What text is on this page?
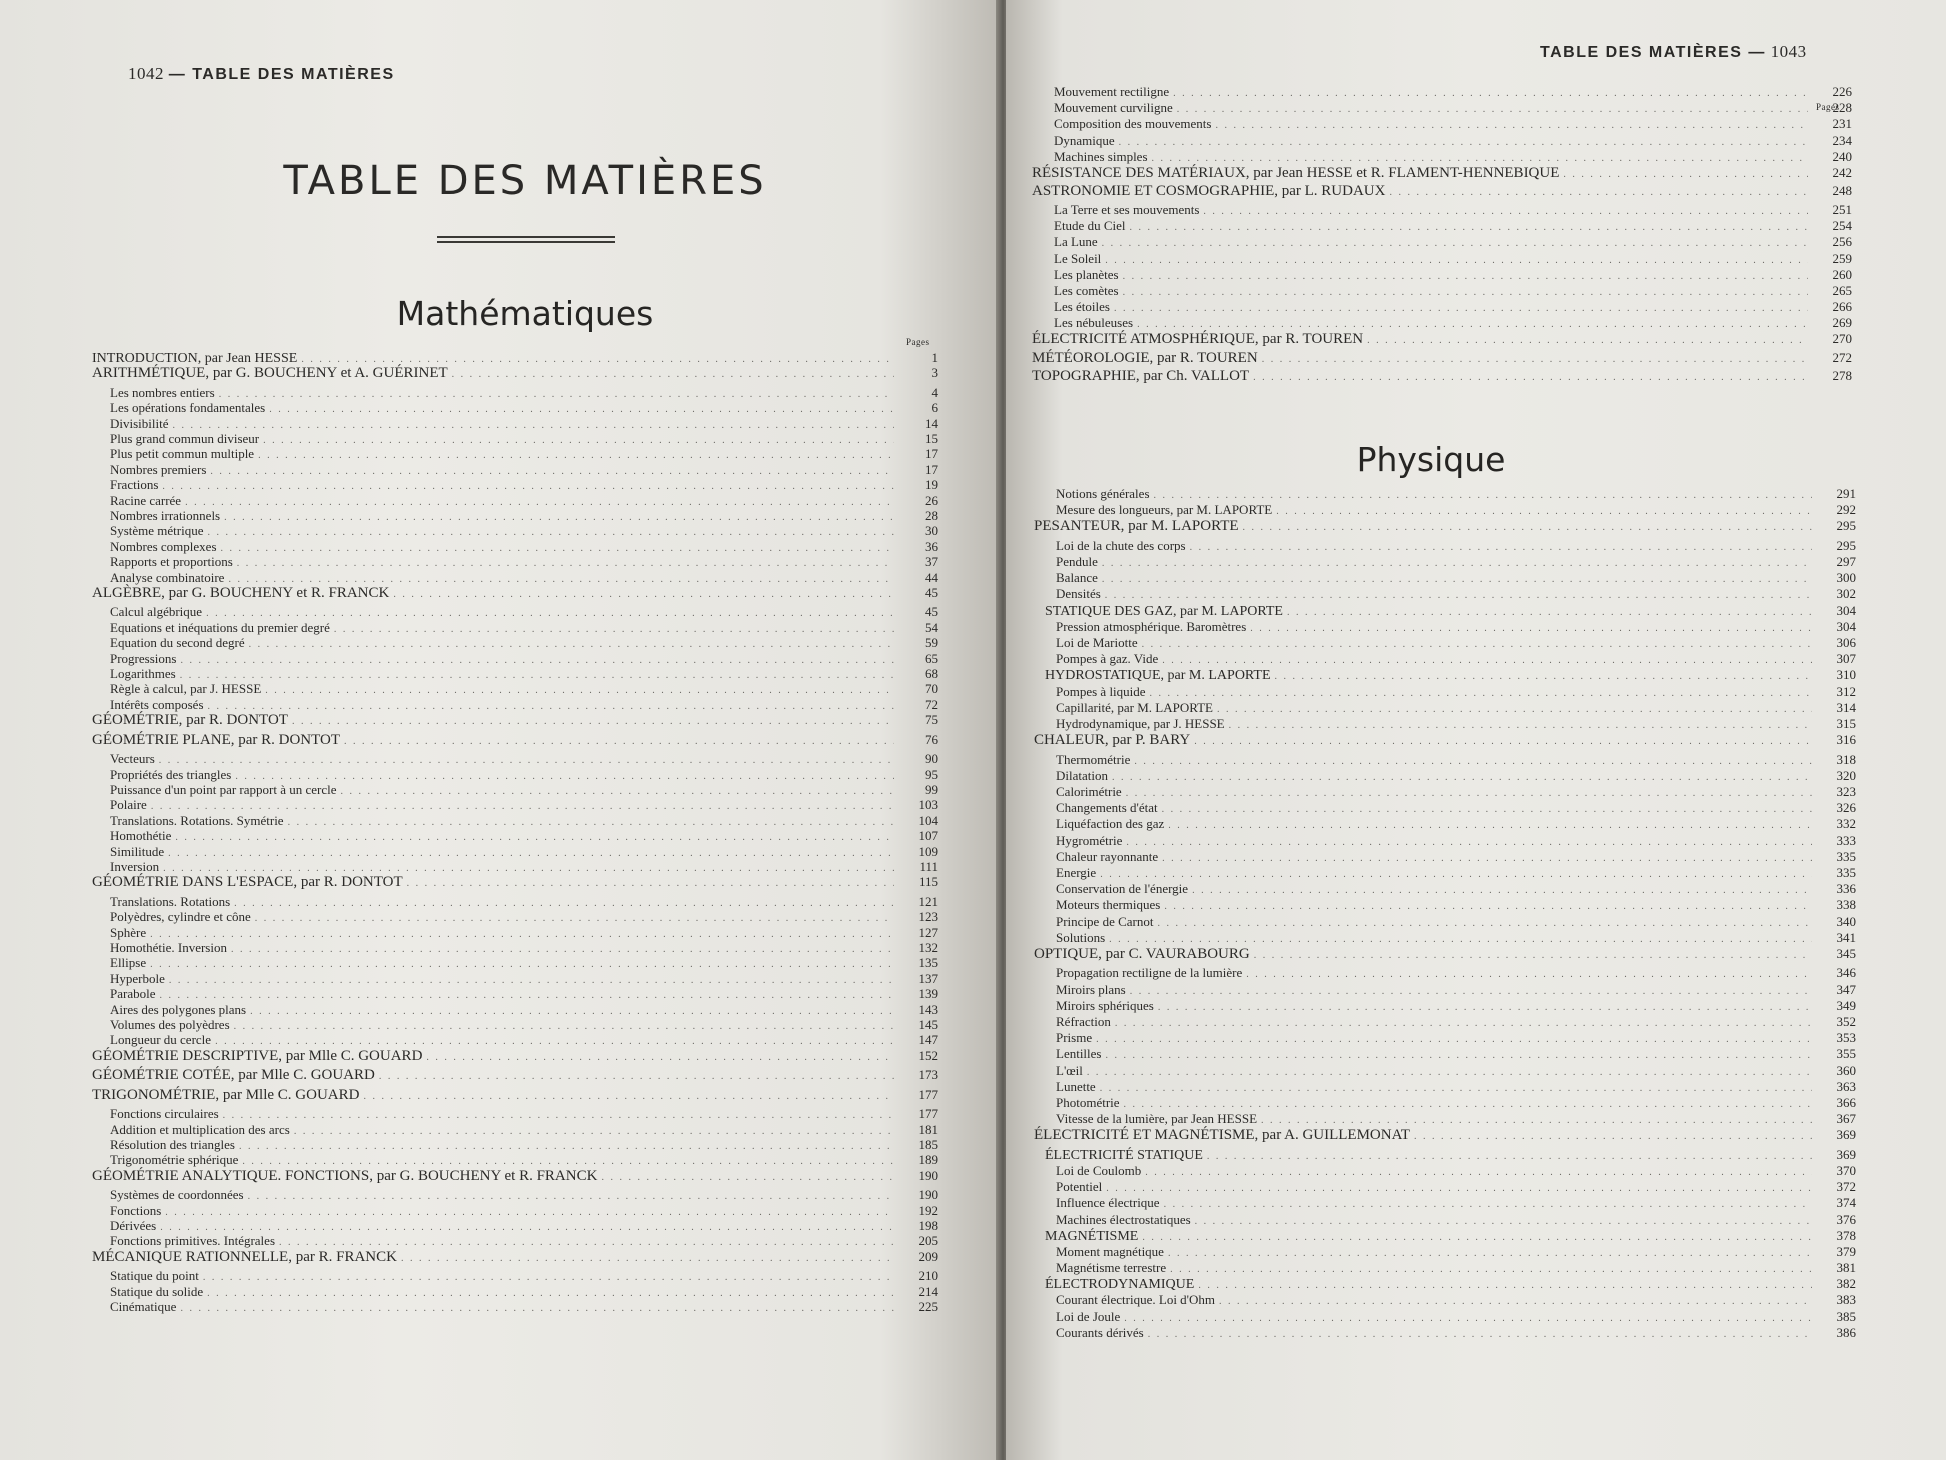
1042 — TABLE DES MATIÈRES
TABLE DES MATIÈRES
Mathématiques
Pages
INTRODUCTION, par Jean HESSE . . .	1
ARITHMÉTIQUE, par G. BOUCHENY et A. GUÉRINET . . .	3
Les nombres entiers . . .	4
Les opérations fondamentales . . .	6
Divisibilité . . .	14
Plus grand commun diviseur . . .	15
Plus petit commun multiple . . .	17
Nombres premiers . . .	17
Fractions . . .	19
Racine carrée . . .	26
Nombres irrationnels . . .	28
Système métrique . . .	30
Nombres complexes . . .	36
Rapports et proportions . . .	37
Analyse combinatoire . . .	44
ALGÈBRE, par G. BOUCHENY et R. FRANCK . . .	45
Calcul algébrique . . .	45
Equations et inéquations du premier degré . . .	54
Equation du second degré . . .	59
Progressions . . .	65
Logarithmes . . .	68
Règle à calcul, par J. HESSE . . .	70
Intérêts composés . . .	72
GÉOMÉTRIE, par R. DONTOT . . .	75
GÉOMÉTRIE PLANE, par R. DONTOT . . .	76
Vecteurs . . .	90
Propriétés des triangles . . .	95
Puissance d'un point par rapport à un cercle . . .	99
Polaire . . .	103
Translations. Rotations. Symétrie . . .	104
Homothétie . . .	107
Similitude . . .	109
Inversion . . .	111
GÉOMÉTRIE DANS L'ESPACE, par R. DONTOT . . .	115
Translations. Rotations . . .	121
Polyèdres, cylindre et cône . . .	123
Sphère . . .	127
Homothétie. Inversion . . .	132
Ellipse . . .	135
Hyperbole . . .	137
Parabole . . .	139
Aires des polygones plans . . .	143
Volumes des polyèdres . . .	145
Longueur du cercle . . .	147
GÉOMÉTRIE DESCRIPTIVE, par Mlle C. GOUARD . . .	152
GÉOMÉTRIE COTÉE, par Mlle C. GOUARD . . .	173
TRIGONOMÉTRIE, par Mlle C. GOUARD . . .	177
Fonctions circulaires . . .	177
Addition et multiplication des arcs . . .	181
Résolution des triangles . . .	185
Trigonométrie sphérique . . .	189
GÉOMÉTRIE ANALYTIQUE. FONCTIONS, par G. BOUCHENY et R. FRANCK . . .	190
Systèmes de coordonnées . . .	190
Fonctions . . .	192
Dérivées . . .	198
Fonctions primitives. Intégrales . . .	205
MÉCANIQUE RATIONNELLE, par R. FRANCK . . .	209
Statique du point . . .	210
Statique du solide . . .	214
Cinématique . . .	225
TABLE DES MATIÈRES — 1043
Pages
Mouvement rectiligne . . .	226
Mouvement curviligne . . .	228
Composition des mouvements . . .	231
Dynamique . . .	234
Machines simples . . .	240
RÉSISTANCE DES MATÉRIAUX, par Jean HESSE et R. FLAMENT-HENNEBIQUE . . .	242
ASTRONOMIE ET COSMOGRAPHIE, par L. RUDAUX . . .	248
La Terre et ses mouvements . . .	251
Etude du Ciel . . .	254
La Lune . . .	256
Le Soleil . . .	259
Les planètes . . .	260
Les comètes . . .	265
Les étoiles . . .	266
Les nébuleuses . . .	269
ÉLECTRICITÉ ATMOSPHÉRIQUE, par R. TOUREN . . .	270
MÉTÉOROLOGIE, par R. TOUREN . . .	272
TOPOGRAPHIE, par Ch. VALLOT . . .	278
Physique
Notions générales . . .	291
Mesure des longueurs, par M. LAPORTE . . .	292
PESANTEUR, par M. LAPORTE . . .	295
Loi de la chute des corps . . .	295
Pendule . . .	297
Balance . . .	300
Densités . . .	302
STATIQUE DES GAZ, par M. LAPORTE . . .	304
Pression atmosphérique. Baromètres . . .	304
Loi de Mariotte . . .	306
Pompes à gaz. Vide . . .	307
HYDROSTATIQUE, par M. LAPORTE . . .	310
Pompes à liquide . . .	312
Capillarité, par M. LAPORTE . . .	314
Hydrodynamique, par J. HESSE . . .	315
CHALEUR, par P. BARY . . .	316
Thermométrie . . .	318
Dilatation . . .	320
Calorimétrie . . .	323
Changements d'état . . .	326
Liquéfaction des gaz . . .	332
Hygrométrie . . .	333
Chaleur rayonnante . . .	335
Energie . . .	335
Conservation de l'énergie . . .	336
Moteurs thermiques . . .	338
Principe de Carnot . . .	340
Solutions . . .	341
OPTIQUE, par C. VAURABOURG . . .	345
Propagation rectiligne de la lumière . . .	346
Miroirs plans . . .	347
Miroirs sphériques . . .	349
Réfraction . . .	352
Prisme . . .	353
Lentilles . . .	355
L'œil . . .	360
Lunette . . .	363
Photométrie . . .	366
Vitesse de la lumière, par Jean HESSE . . .	367
ÉLECTRICITÉ ET MAGNÉTISME, par A. GUILLEMONAT . . .	369
ÉLECTRICITÉ STATIQUE . . .	369
Loi de Coulomb . . .	370
Potentiel . . .	372
Influence électrique . . .	374
Machines électrostatiques . . .	376
MAGNÉTISME . . .	378
Moment magnétique . . .	379
Magnétisme terrestre . . .	381
ÉLECTRODYNAMIQUE . . .	382
Courant électrique. Loi d'Ohm . . .	383
Loi de Joule . . .	385
Courants dérivés . . .	386
